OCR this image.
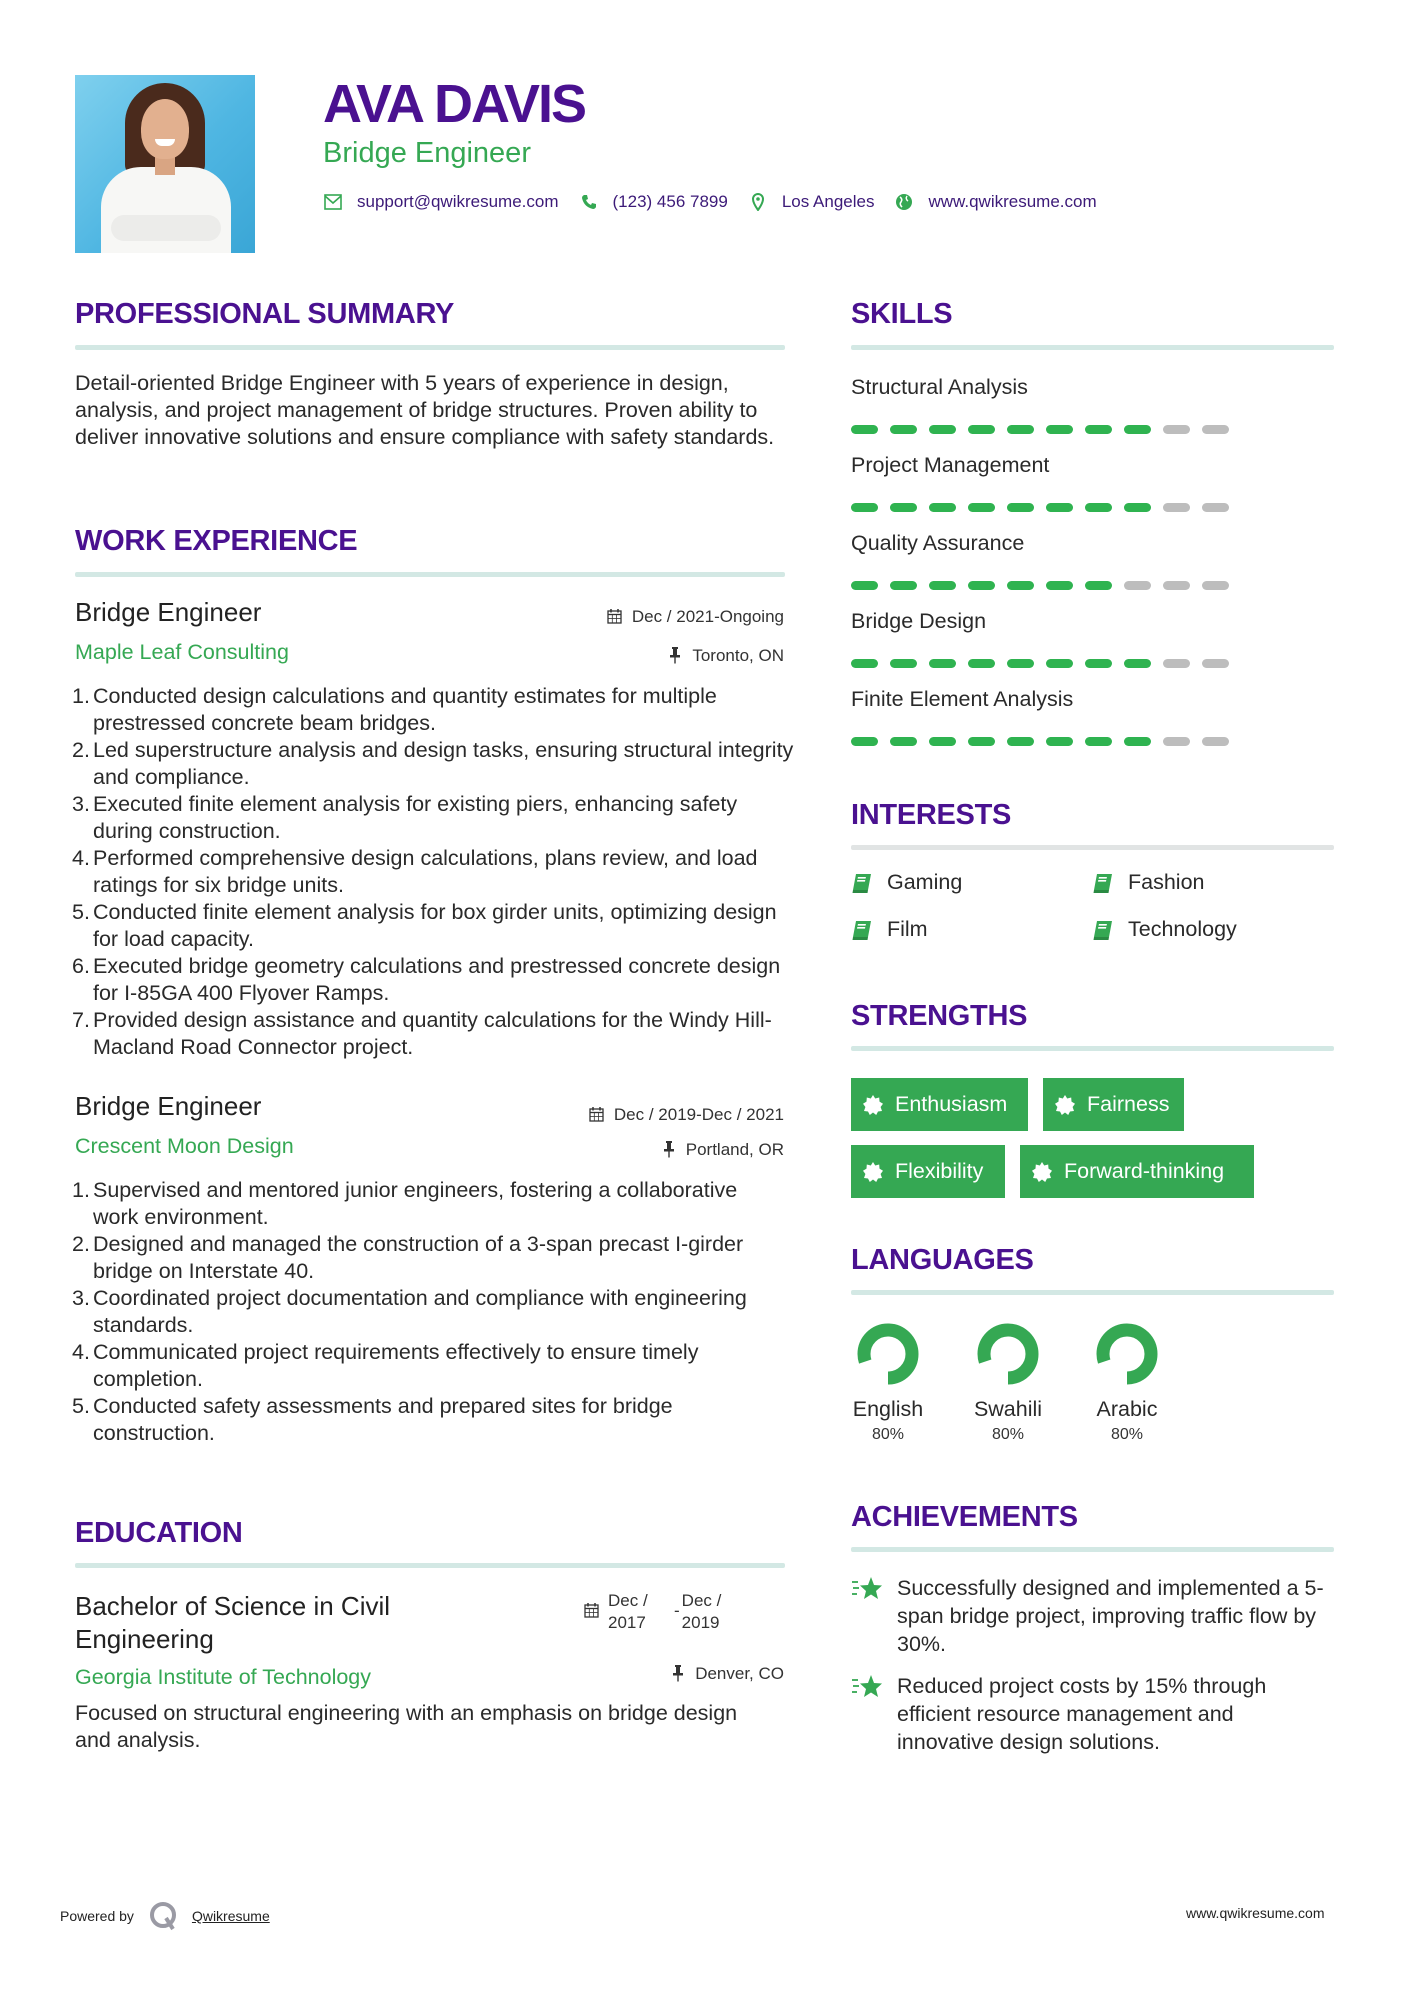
AVA DAVIS
Bridge Engineer
support@qwikresume.com	(123) 456 7899	Los Angeles	www.qwikresume.com
PROFESSIONAL SUMMARY
Detail-oriented Bridge Engineer with 5 years of experience in design, analysis, and project management of bridge structures. Proven ability to deliver innovative solutions and ensure compliance with safety standards.
WORK EXPERIENCE
Bridge Engineer	Dec / 2021-Ongoing
Maple Leaf Consulting	Toronto, ON
1. Conducted design calculations and quantity estimates for multiple prestressed concrete beam bridges.
2. Led superstructure analysis and design tasks, ensuring structural integrity and compliance.
3. Executed finite element analysis for existing piers, enhancing safety during construction.
4. Performed comprehensive design calculations, plans review, and load ratings for six bridge units.
5. Conducted finite element analysis for box girder units, optimizing design for load capacity.
6. Executed bridge geometry calculations and prestressed concrete design for I-85GA 400 Flyover Ramps.
7. Provided design assistance and quantity calculations for the Windy Hill-Macland Road Connector project.
Bridge Engineer	Dec / 2019-Dec / 2021
Crescent Moon Design	Portland, OR
1. Supervised and mentored junior engineers, fostering a collaborative work environment.
2. Designed and managed the construction of a 3-span precast I-girder bridge on Interstate 40.
3. Coordinated project documentation and compliance with engineering standards.
4. Communicated project requirements effectively to ensure timely completion.
5. Conducted safety assessments and prepared sites for bridge construction.
EDUCATION
Bachelor of Science in Civil Engineering
Dec / 2017
-
Dec / 2019
Georgia Institute of Technology	Denver, CO
Focused on structural engineering with an emphasis on bridge design and analysis.
SKILLS
Structural Analysis
Project Management
Quality Assurance
Bridge Design
Finite Element Analysis
INTERESTS
Gaming	Fashion
Film	Technology
STRENGTHS
Enthusiasm	Fairness
Flexibility	Forward-thinking
LANGUAGES
English
80%
Swahili
80%
Arabic
80%
ACHIEVEMENTS
Successfully designed and implemented a 5-span bridge project, improving traffic flow by 30%.
Reduced project costs by 15% through efficient resource management and innovative design solutions.
Powered by	Qwikresume	www.qwikresume.com
